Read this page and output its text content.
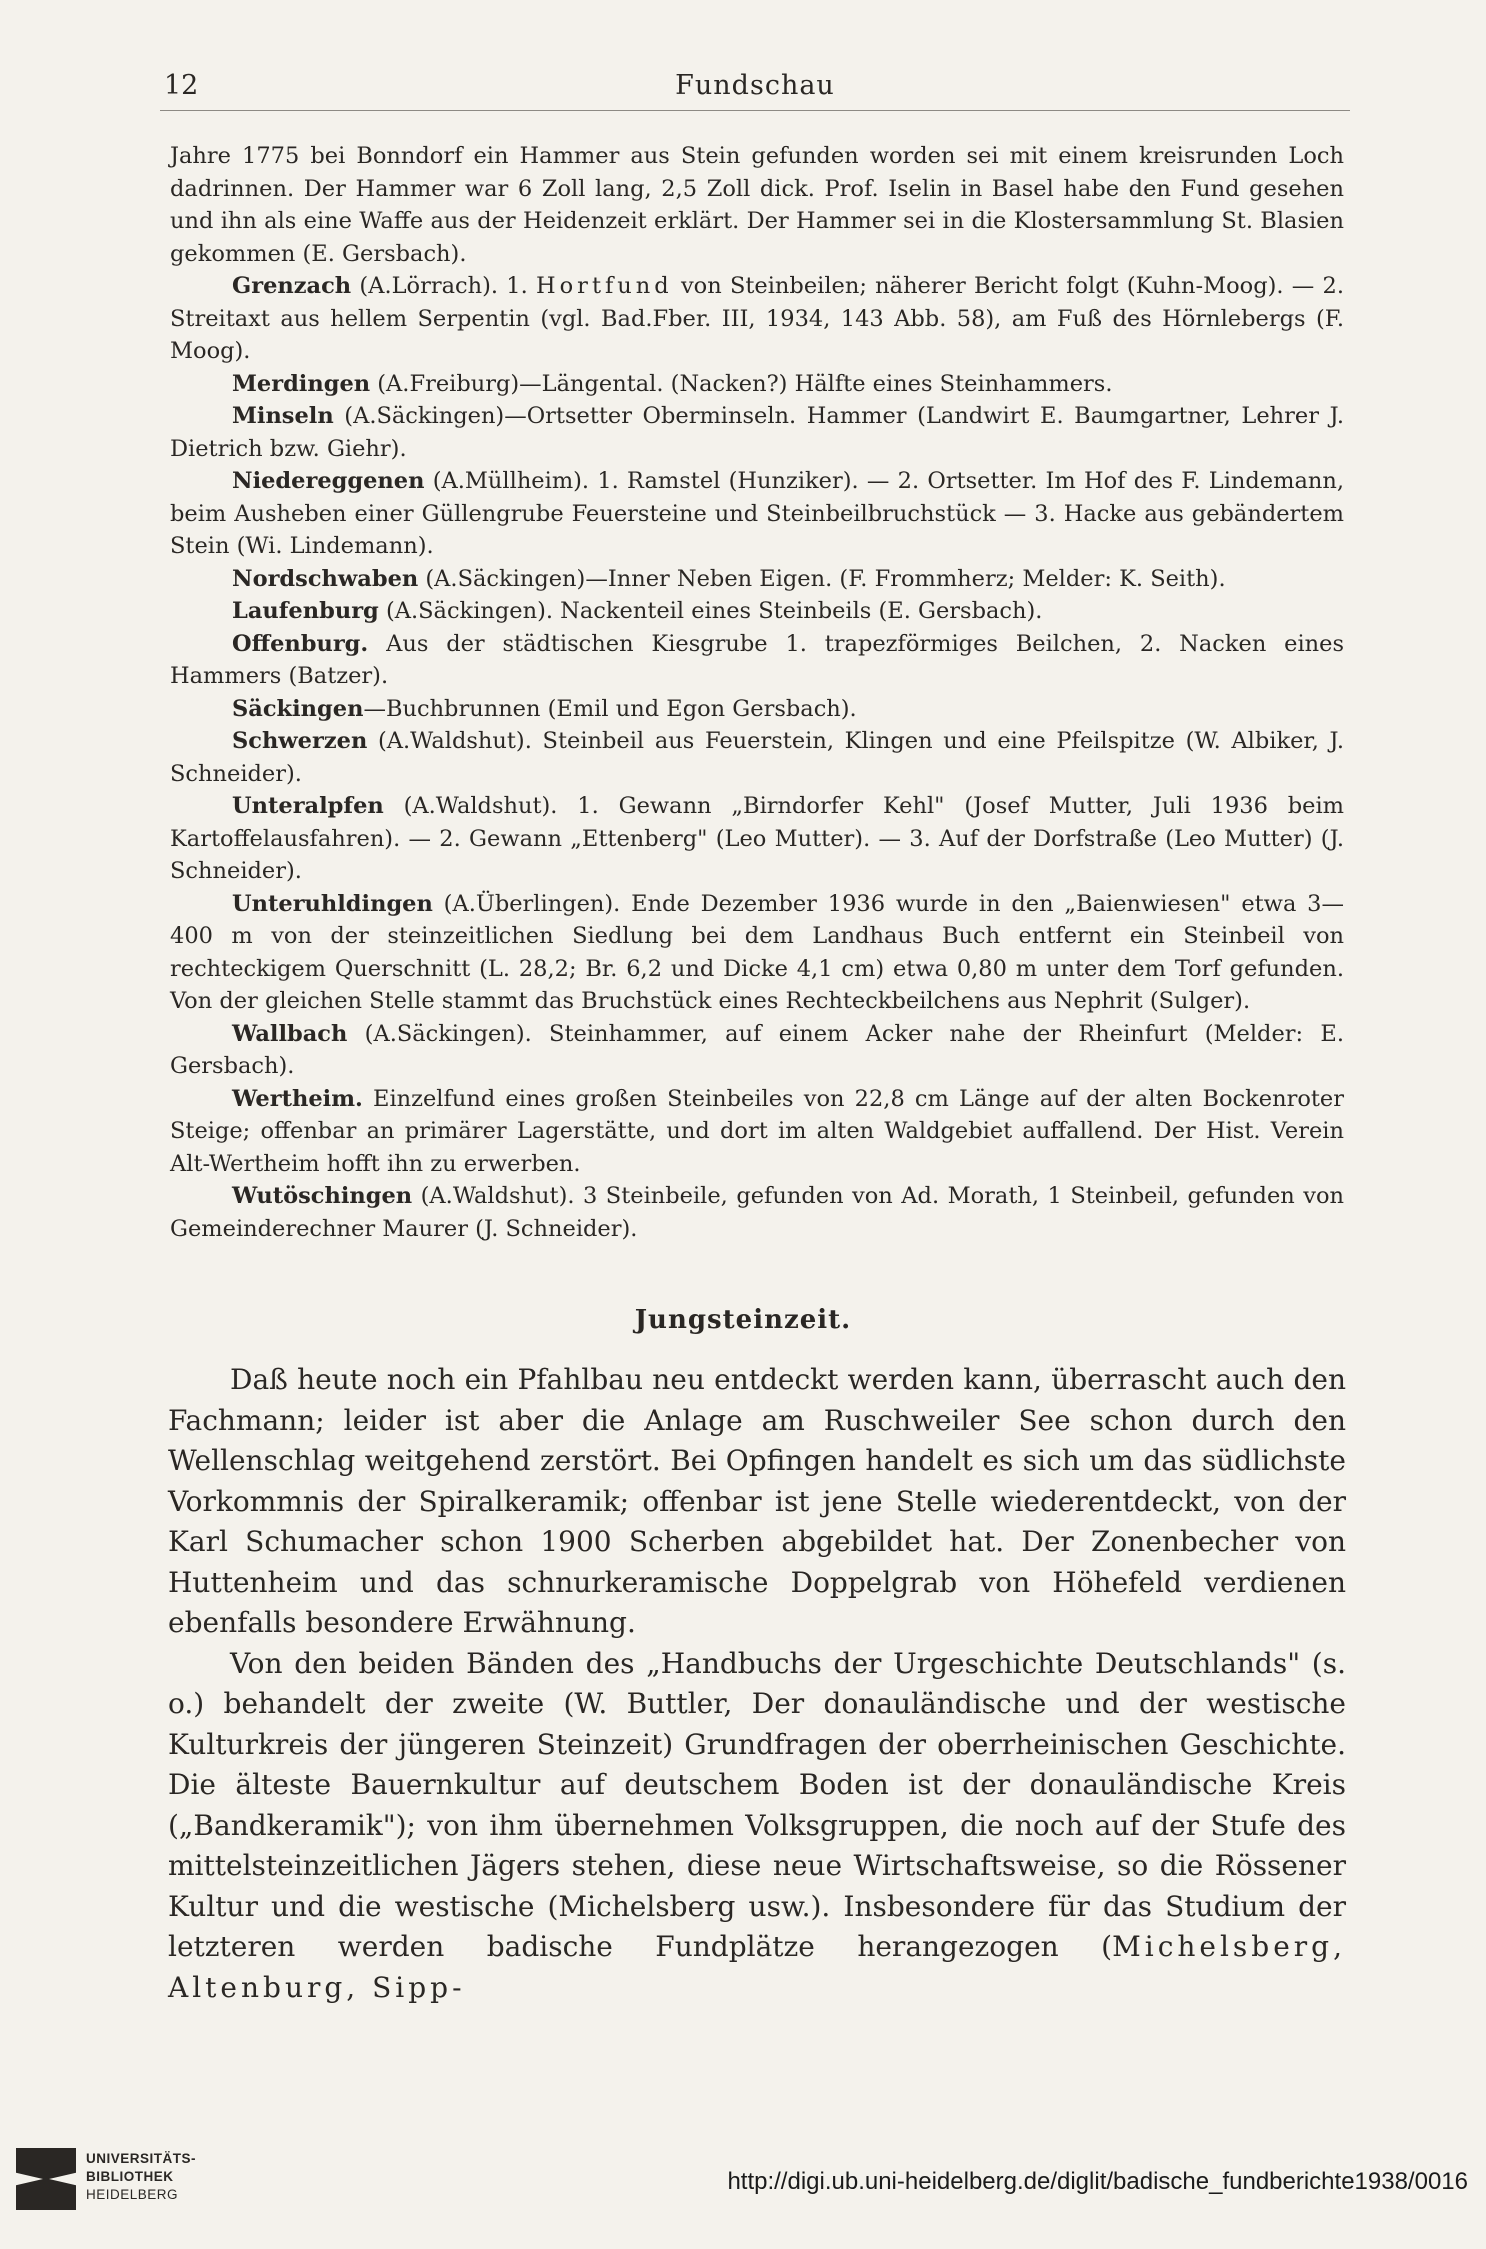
12	Fundschau

Jahre 1775 bei Bonndorf ein Hammer aus Stein gefunden worden sei mit einem kreisrunden Loch dadrinnen. Der Hammer war 6 Zoll lang, 2,5 Zoll dick. Prof. Iselin in Basel habe den Fund gesehen und ihn als eine Waffe aus der Heidenzeit erklärt. Der Hammer sei in die Klostersammlung St. Blasien gekommen (E. Gersbach).

Grenzach (A.Lörrach). 1. Hortfund von Steinbeilen; näherer Bericht folgt (Kuhn-Moog). — 2. Streitaxt aus hellem Serpentin (vgl. Bad.Fber. III, 1934, 143 Abb. 58), am Fuß des Hörnlebergs (F. Moog).

Merdingen (A.Freiburg)—Längental. (Nacken?) Hälfte eines Steinhammers.

Minseln (A.Säckingen)—Ortsetter Oberminseln. Hammer (Landwirt E. Baumgartner, Lehrer J. Dietrich bzw. Giehr).

Niedereggenen (A.Müllheim). 1. Ramstel (Hunziker). — 2. Ortsetter. Im Hof des F. Lindemann, beim Ausheben einer Güllengrube Feuersteine und Steinbeilbruchstück — 3. Hacke aus gebändertem Stein (Wi. Lindemann).

Nordschwaben (A.Säckingen)—Inner Neben Eigen. (F. Frommherz; Melder: K. Seith).

Laufenburg (A.Säckingen). Nackenteil eines Steinbeils (E. Gersbach).

Offenburg. Aus der städtischen Kiesgrube 1. trapezförmiges Beilchen, 2. Nacken eines Hammers (Batzer).

Säckingen—Buchbrunnen (Emil und Egon Gersbach).

Schwerzen (A.Waldshut). Steinbeil aus Feuerstein, Klingen und eine Pfeilspitze (W. Albiker, J. Schneider).

Unteralpfen (A.Waldshut). 1. Gewann „Birndorfer Kehl" (Josef Mutter, Juli 1936 beim Kartoffelausfahren). — 2. Gewann „Ettenberg" (Leo Mutter). — 3. Auf der Dorfstraße (Leo Mutter) (J. Schneider).

Unteruhldingen (A.Überlingen). Ende Dezember 1936 wurde in den „Baienwiesen" etwa 3—400 m von der steinzeitlichen Siedlung bei dem Landhaus Buch entfernt ein Steinbeil von rechteckigem Querschnitt (L. 28,2; Br. 6,2 und Dicke 4,1 cm) etwa 0,80 m unter dem Torf gefunden. Von der gleichen Stelle stammt das Bruchstück eines Rechteckbeilchens aus Nephrit (Sulger).

Wallbach (A.Säckingen). Steinhammer, auf einem Acker nahe der Rheinfurt (Melder: E. Gersbach).

Wertheim. Einzelfund eines großen Steinbeiles von 22,8 cm Länge auf der alten Bockenroter Steige; offenbar an primärer Lagerstätte, und dort im alten Waldgebiet auffallend. Der Hist. Verein Alt-Wertheim hofft ihn zu erwerben.

Wutöschingen (A.Waldshut). 3 Steinbeile, gefunden von Ad. Morath, 1 Steinbeil, gefunden von Gemeinderechner Maurer (J. Schneider).

Jungsteinzeit.

Daß heute noch ein Pfahlbau neu entdeckt werden kann, überrascht auch den Fachmann; leider ist aber die Anlage am Ruschweiler See schon durch den Wellenschlag weitgehend zerstört. Bei Opfingen handelt es sich um das südlichste Vorkommnis der Spiralkeramik; offenbar ist jene Stelle wiederentdeckt, von der Karl Schumacher schon 1900 Scherben abgebildet hat. Der Zonenbecher von Huttenheim und das schnurkeramische Doppelgrab von Höhefeld verdienen ebenfalls besondere Erwähnung.

Von den beiden Bänden des „Handbuchs der Urgeschichte Deutschlands" (s. o.) behandelt der zweite (W. Buttler, Der donauländische und der westische Kulturkreis der jüngeren Steinzeit) Grundfragen der oberrheinischen Geschichte. Die älteste Bauernkultur auf deutschem Boden ist der donauländische Kreis („Bandkeramik"); von ihm übernehmen Volksgruppen, die noch auf der Stufe des mittelsteinzeitlichen Jägers stehen, diese neue Wirtschaftsweise, so die Rössener Kultur und die westische (Michelsberg usw.). Insbesondere für das Studium der letzteren werden badische Fundplätze herangezogen (Michelsberg, Altenburg, Sipp-

UNIVERSITÄTS-
BIBLIOTHEK
HEIDELBERG	http://digi.ub.uni-heidelberg.de/diglit/badische_fundberichte1938/0016
